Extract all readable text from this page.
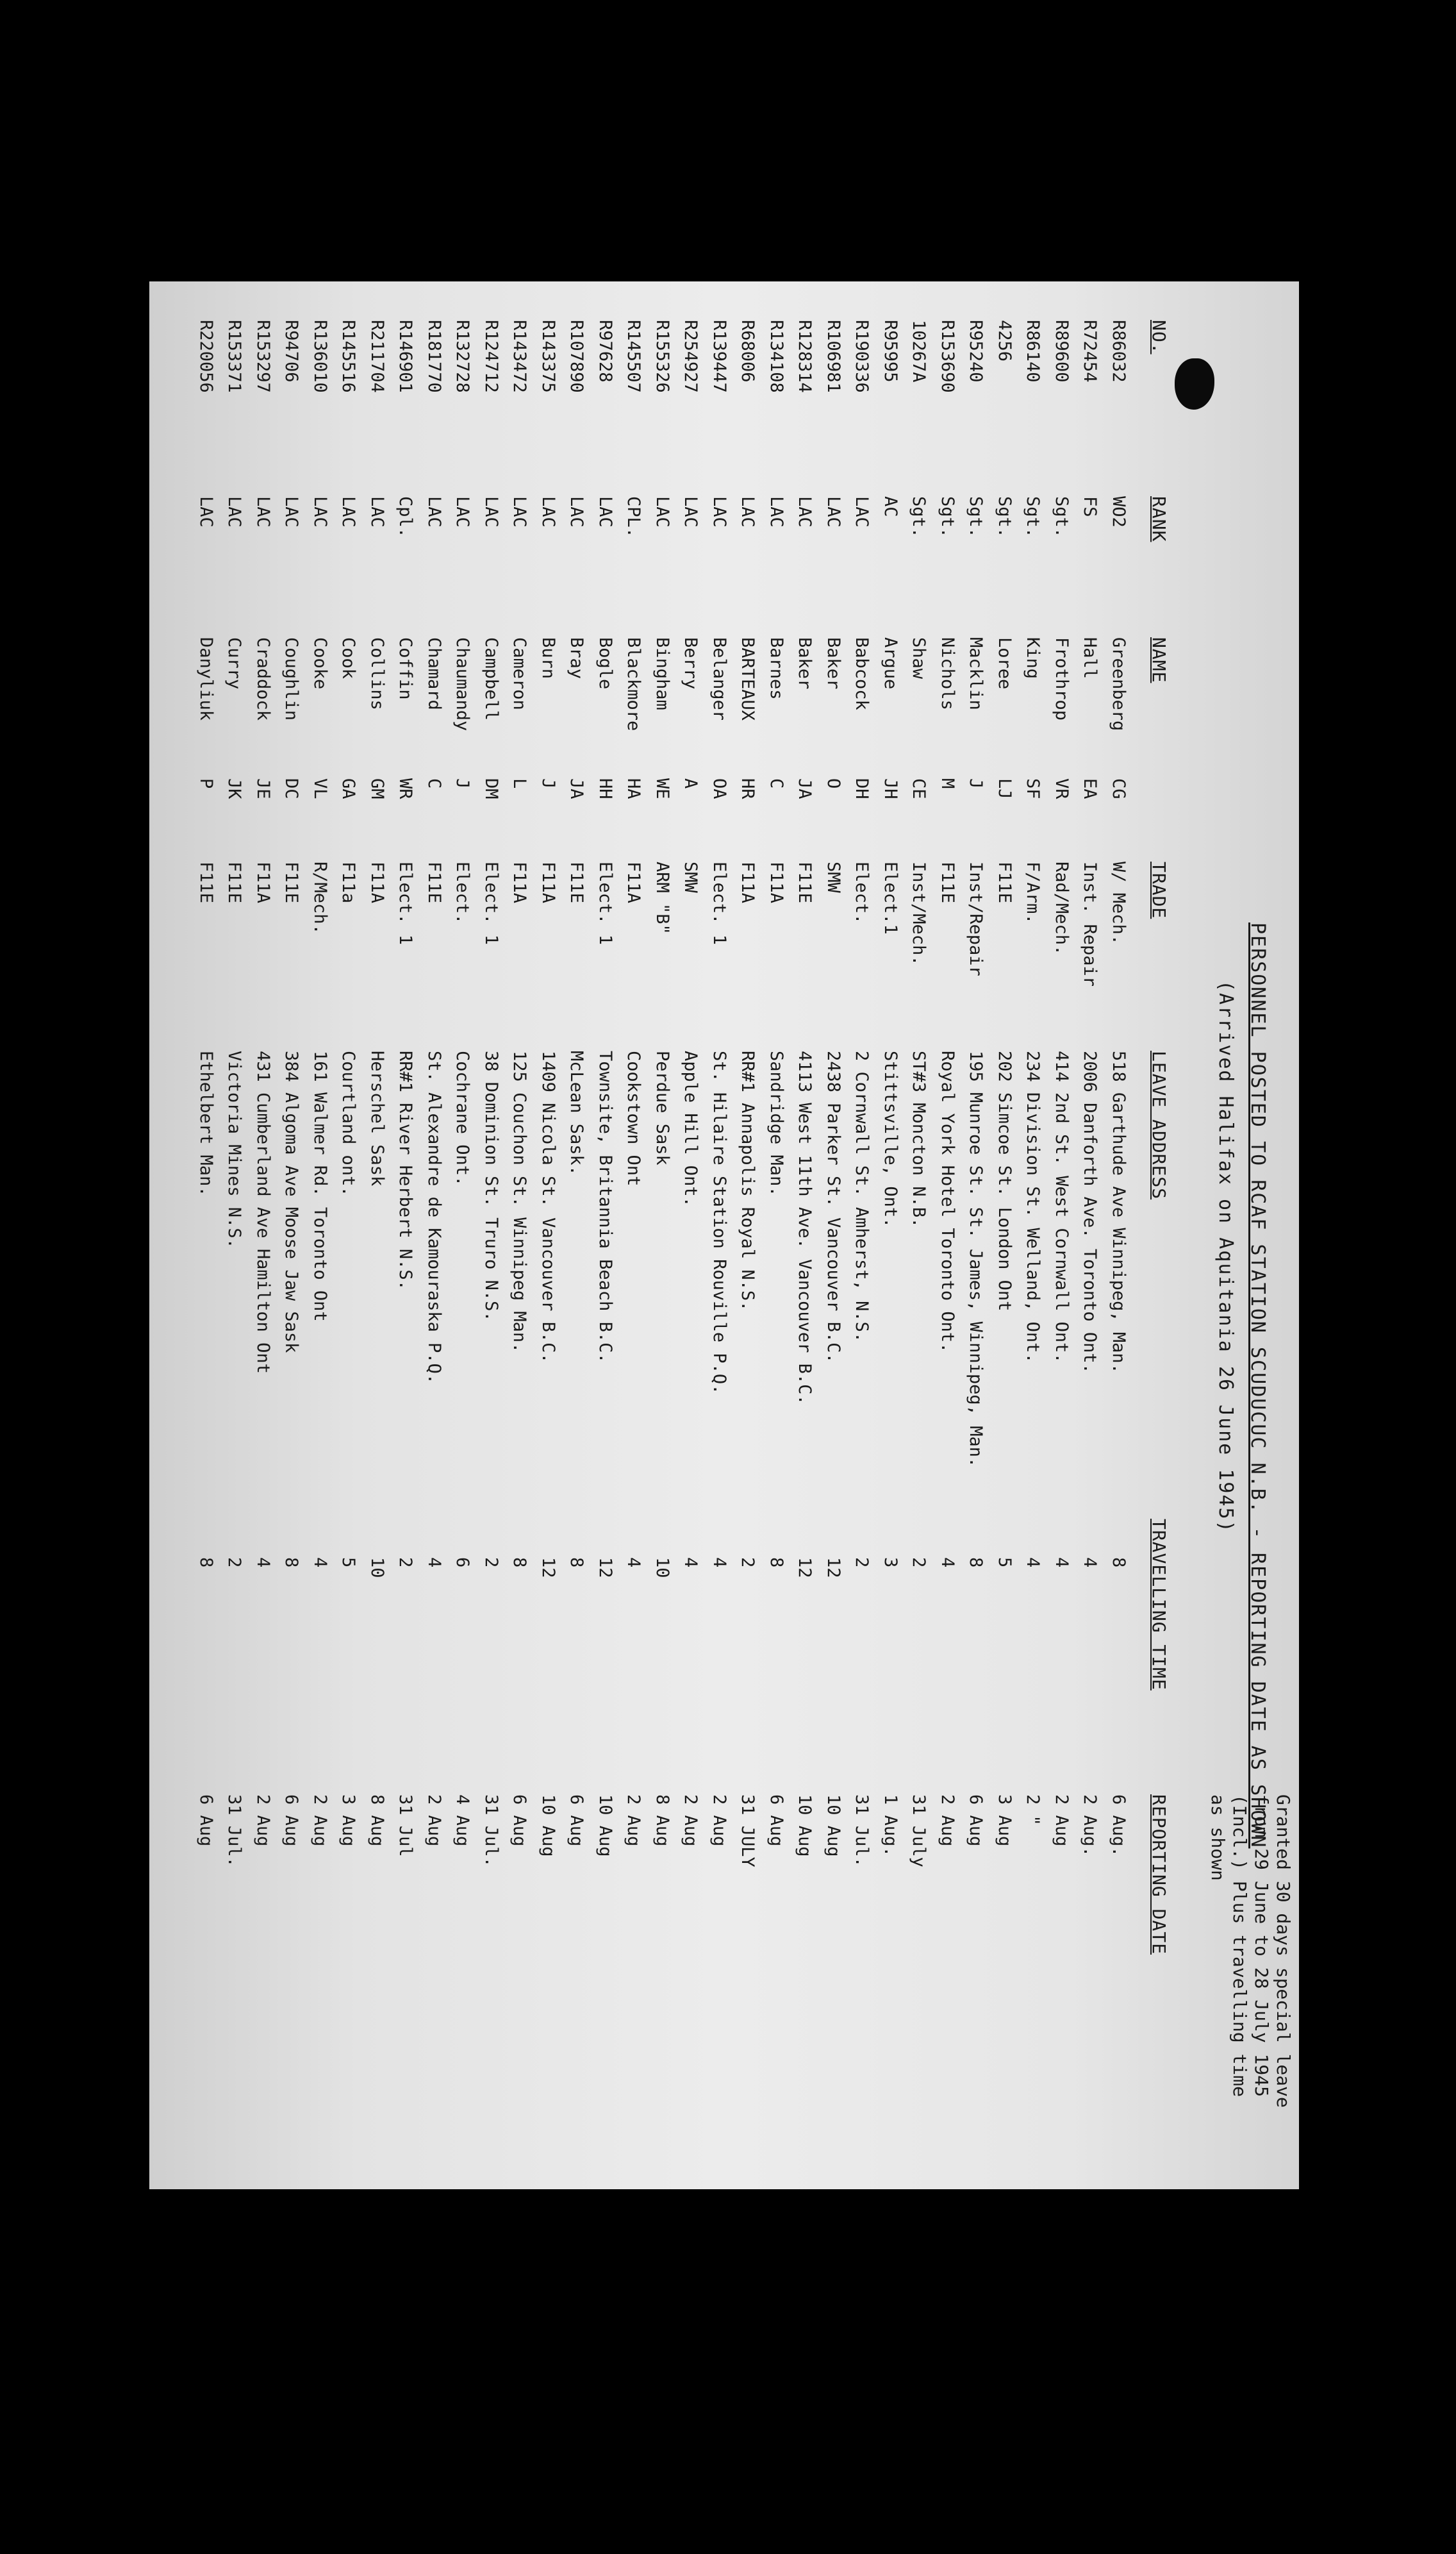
PERSONNEL POSTED TO RCAF STATION SCUDUCUC N.B. - REPORTING DATE AS SHOWN
(Arrived Halifax on Aquitania 26 June 1945)
Granted 30 days special leave
from 29 June to 28 July 1945
(Incl.) Plus travelling time
as shown
NO.
RANK
NAME
TRADE
LEAVE ADDRESS
TRAVELLING TIME
REPORTING DATE
R86032
WO2
Greenberg
CG
W/ Mech.
518 Garthude Ave Winnipeg, Man.
8
6 Aug.
R72454
FS
Hall
EA
Inst. Repair
2006 Danforth Ave. Toronto Ont.
4
2 Aug.
R89600
Sgt.
Frothrop
VR
Rad/Mech.
414 2nd St. West Cornwall Ont.
4
2 Aug
R86140
Sgt.
King
SF
F/Arm.
234 Division St. Welland, Ont.
4
2 "
4256
Sgt.
Loree
LJ
F11E
202 Simcoe St. London Ont
5
3 Aug
R95240
Sgt.
Macklin
J
Inst/Repair
195 Munroe St. St. James, Winnipeg, Man.
8
6 Aug
R153690
Sgt.
Nichols
M
F11E
Royal York Hotel Toronto Ont.
4
2 Aug
10267A
Sgt.
Shaw
CE
Inst/Mech.
ST#3 Moncton N.B.
2
31 July
R95995
AC
Argue
JH
Elect.1
Stittsville, Ont.
3
1 Aug.
R190336
LAC
Babcock
DH
Elect.
2 Cornwall St. Amherst, N.S.
2
31 Jul.
R106981
LAC
Baker
O
SMW
2438 Parker St. Vancouver B.C.
12
10 Aug
R128314
LAC
Baker
JA
F11E
4113 West 11th Ave. Vancouver B.C.
12
10 Aug
R134108
LAC
Barnes
C
F11A
Sandridge Man.
8
6 Aug
R68006
LAC
BARTEAUX
HR
F11A
RR#1 Annapolis Royal N.S.
2
31 JULY
R139447
LAC
Belanger
OA
Elect. 1
St. Hilaire Station Rouville P.Q.
4
2 Aug
R254927
LAC
Berry
A
SMW
Apple Hill Ont.
4
2 Aug
R155326
LAC
Bingham
WE
ARM "B"
Perdue Sask
10
8 Aug
R145507
CPL.
Blackmore
HA
F11A
Cookstown Ont
4
2 Aug
R97628
LAC
Bogle
HH
Elect. 1
Townsite, Britannia Beach B.C.
12
10 Aug
R107890
LAC
Bray
JA
F11E
McLean Sask.
8
6 Aug
R143375
LAC
Burn
J
F11A
1409 Nicola St. Vancouver B.C.
12
10 Aug
R143472
LAC
Cameron
L
F11A
125 Couchon St. Winnipeg Man.
8
6 Aug
R124712
LAC
Campbell
DM
Elect. 1
38 Dominion St. Truro N.S.
2
31 Jul.
R132728
LAC
Chaumandy
J
Elect.
Cochrane Ont.
6
4 Aug
R181770
LAC
Chamard
C
F11E
St. Alexandre de Kamouraska P.Q.
4
2 Aug
R146901
Cpl.
Coffin
WR
Elect. 1
RR#1 River Herbert N.S.
2
31 Jul
R211704
LAC
Collins
GM
F11A
Herschel Sask
10
8 Aug
R145516
LAC
Cook
GA
F11a
Courtland ont.
5
3 Aug
R136010
LAC
Cooke
VL
R/Mech.
161 Walmer Rd. Toronto Ont
4
2 Aug
R94706
LAC
Coughlin
DC
F11E
384 Algoma Ave Moose Jaw Sask
8
6 Aug
R153297
LAC
Craddock
JE
F11A
431 Cumberland Ave Hamilton Ont
4
2 Aug
R153371
LAC
Curry
JK
F11E
Victoria Mines N.S.
2
31 Jul.
R220056
LAC
Danyliuk
P
F11E
Ethelbert Man.
8
6 Aug
